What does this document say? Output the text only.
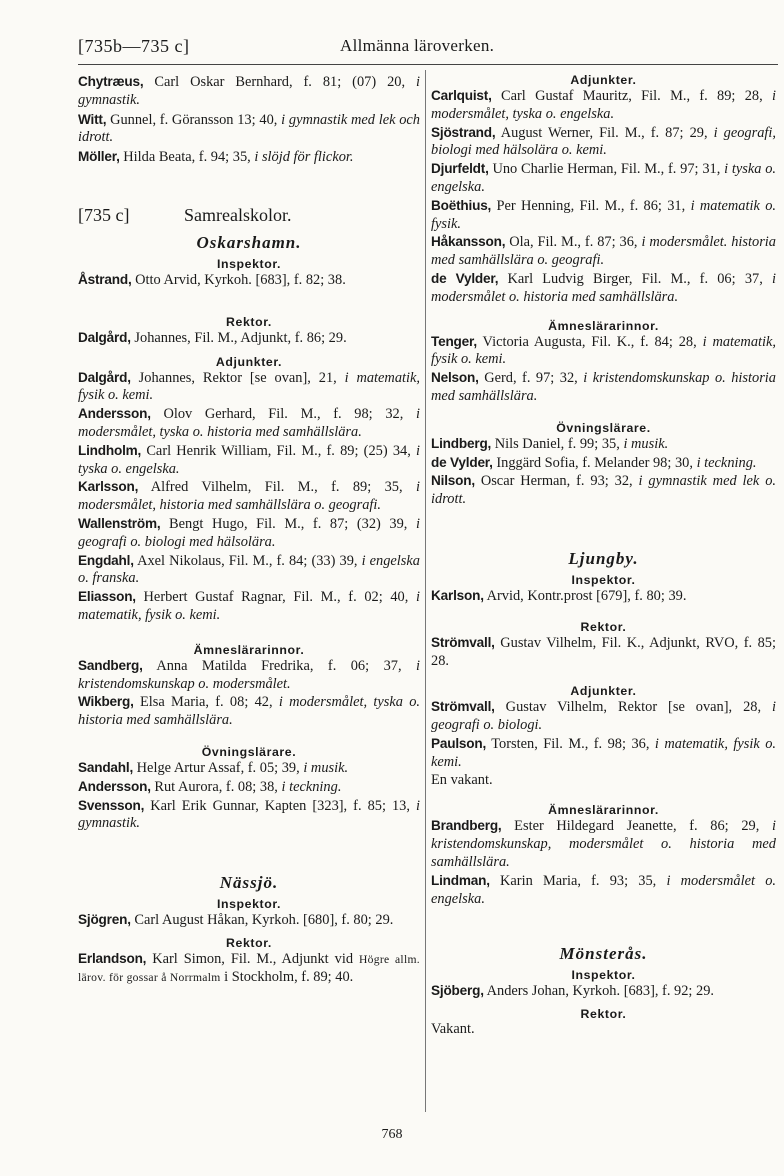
[735b—735 c]	Allmänna läroverken.
Chytræus, Carl Oskar Bernhard, f. 81; (07) 20, i gymnastik.
Witt, Gunnel, f. Göransson 13; 40, i gymnastik med lek och idrott.
Möller, Hilda Beata, f. 94; 35, i slöjd för flickor.
[735 c]	Samrealskolor.
Oskarshamn.
Inspektor.
Åstrand, Otto Arvid, Kyrkoh. [683], f. 82; 38.
Rektor.
Dalgård, Johannes, Fil. M., Adjunkt, f. 86; 29.
Adjunkter.
Dalgård, Johannes, Rektor [se ovan], 21, i matematik, fysik o. kemi.
Andersson, Olov Gerhard, Fil. M., f. 98; 32, i modersmålet, tyska o. historia med samhällslära.
Lindholm, Carl Henrik William, Fil. M., f. 89; (25) 34, i tyska o. engelska.
Karlsson, Alfred Vilhelm, Fil. M., f. 89; 35, i modersmålet, historia med samhällslära o. geografi.
Wallenström, Bengt Hugo, Fil. M., f. 87; (32) 39, i geografi o. biologi med hälsolära.
Engdahl, Axel Nikolaus, Fil. M., f. 84; (33) 39, i engelska o. franska.
Eliasson, Herbert Gustaf Ragnar, Fil. M., f. 02; 40, i matematik, fysik o. kemi.
Ämneslärarinnor.
Sandberg, Anna Matilda Fredrika, f. 06; 37, i kristendomskunskap o. modersmålet.
Wikberg, Elsa Maria, f. 08; 42, i modersmålet, tyska o. historia med samhällslära.
Övningslärare.
Sandahl, Helge Artur Assaf, f. 05; 39, i musik.
Andersson, Rut Aurora, f. 08; 38, i teckning.
Svensson, Karl Erik Gunnar, Kapten [323], f. 85; 13, i gymnastik.
Nässjö.
Inspektor.
Sjögren, Carl August Håkan, Kyrkoh. [680], f. 80; 29.
Rektor.
Erlandson, Karl Simon, Fil. M., Adjunkt vid Högre allm. lärov. för gossar å Norrmalm i Stockholm, f. 89; 40.
Adjunkter.
Carlquist, Carl Gustaf Mauritz, Fil. M., f. 89; 28, i modersmålet, tyska o. engelska.
Sjöstrand, August Werner, Fil. M., f. 87; 29, i geografi, biologi med hälsolära o. kemi.
Djurfeldt, Uno Charlie Herman, Fil. M., f. 97; 31, i tyska o. engelska.
Boëthius, Per Henning, Fil. M., f. 86; 31, i matematik o. fysik.
Håkansson, Ola, Fil. M., f. 87; 36, i modersmålet. historia med samhällslära o. geografi.
de Vylder, Karl Ludvig Birger, Fil. M., f. 06; 37, i modersmålet o. historia med samhällslära.
Ämneslärarinnor.
Tenger, Victoria Augusta, Fil. K., f. 84; 28, i matematik, fysik o. kemi.
Nelson, Gerd, f. 97; 32, i kristendomskunskap o. historia med samhällslära.
Övningslärare.
Lindberg, Nils Daniel, f. 99; 35, i musik.
de Vylder, Inggärd Sofia, f. Melander 98; 30, i teckning.
Nilson, Oscar Herman, f. 93; 32, i gymnastik med lek o. idrott.
Ljungby.
Inspektor.
Karlson, Arvid, Kontr.prost [679], f. 80; 39.
Rektor.
Strömvall, Gustav Vilhelm, Fil. K., Adjunkt, RVO, f. 85; 28.
Adjunkter.
Strömvall, Gustav Vilhelm, Rektor [se ovan], 28, i geografi o. biologi.
Paulson, Torsten, Fil. M., f. 98; 36, i matematik, fysik o. kemi.
En vakant.
Ämneslärarinnor.
Brandberg, Ester Hildegard Jeanette, f. 86; 29, i kristendomskunskap, modersmålet o. historia med samhällslära.
Lindman, Karin Maria, f. 93; 35, i modersmålet o. engelska.
Mönsterås.
Inspektor.
Sjöberg, Anders Johan, Kyrkoh. [683], f. 92; 29.
Rektor.
Vakant.
768
